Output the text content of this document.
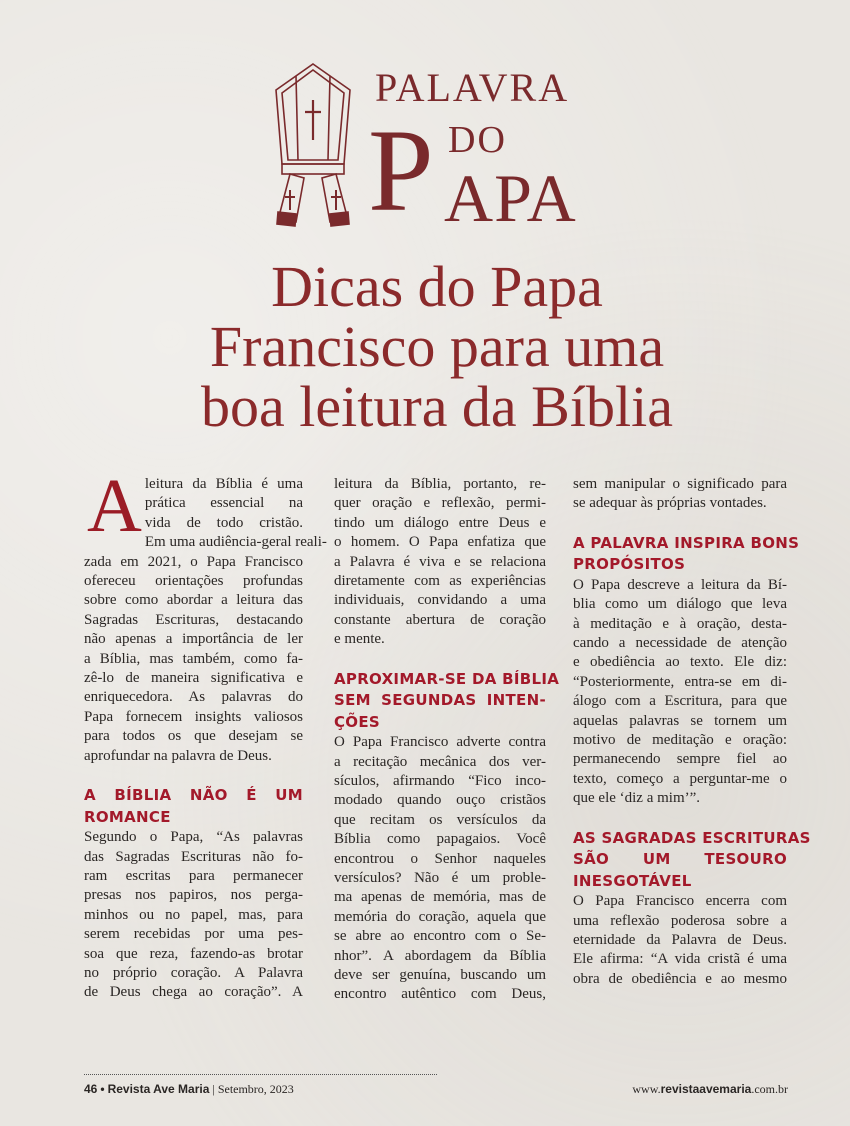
PALAVRA
DO
P APA
Dicas do Papa
Francisco para uma
boa leitura da Bíblia
A leitura da Bíblia é uma
prática essencial na
vida de todo cristão.
Em uma audiência-geral reali-
zada em 2021, o Papa Francisco
ofereceu orientações profundas
sobre como abordar a leitura das
Sagradas Escrituras, destacando
não apenas a importância de ler
a Bíblia, mas também, como fa-
zê-lo de maneira significativa e
enriquecedora. As palavras do
Papa fornecem insights valiosos
para todos os que desejam se
aprofundar na palavra de Deus.
A BÍBLIA NÃO É UM
ROMANCE
Segundo o Papa, “As palavras
das Sagradas Escrituras não fo-
ram escritas para permanecer
presas nos papiros, nos perga-
minhos ou no papel, mas, para
serem recebidas por uma pes-
soa que reza, fazendo-as brotar
no próprio coração. A Palavra
de Deus chega ao coração”. A
leitura da Bíblia, portanto, re-
quer oração e reflexão, permi-
tindo um diálogo entre Deus e
o homem. O Papa enfatiza que
a Palavra é viva e se relaciona
diretamente com as experiências
individuais, convidando a uma
constante abertura de coração
e mente.
APROXIMAR-SE DA BÍBLIA
SEM SEGUNDAS INTEN-
ÇÕES
O Papa Francisco adverte contra
a recitação mecânica dos ver-
sículos, afirmando “Fico inco-
modado quando ouço cristãos
que recitam os versículos da
Bíblia como papagaios. Você
encontrou o Senhor naqueles
versículos? Não é um proble-
ma apenas de memória, mas de
memória do coração, aquela que
se abre ao encontro com o Se-
nhor”. A abordagem da Bíblia
deve ser genuína, buscando um
encontro autêntico com Deus,
sem manipular o significado para
se adequar às próprias vontades.
A PALAVRA INSPIRA BONS
PROPÓSITOS
O Papa descreve a leitura da Bí-
blia como um diálogo que leva
à meditação e à oração, desta-
cando a necessidade de atenção
e obediência ao texto. Ele diz:
“Posteriormente, entra-se em di-
álogo com a Escritura, para que
aquelas palavras se tornem um
motivo de meditação e oração:
permanecendo sempre fiel ao
texto, começo a perguntar-me o
que ele ‘diz a mim’”.
AS SAGRADAS ESCRITURAS
SÃO UM TESOURO
INESGOTÁVEL
O Papa Francisco encerra com
uma reflexão poderosa sobre a
eternidade da Palavra de Deus.
Ele afirma: “A vida cristã é uma
obra de obediência e ao mesmo
46 • Revista Ave Maria | Setembro, 2023	www.revistaavemaria.com.br
